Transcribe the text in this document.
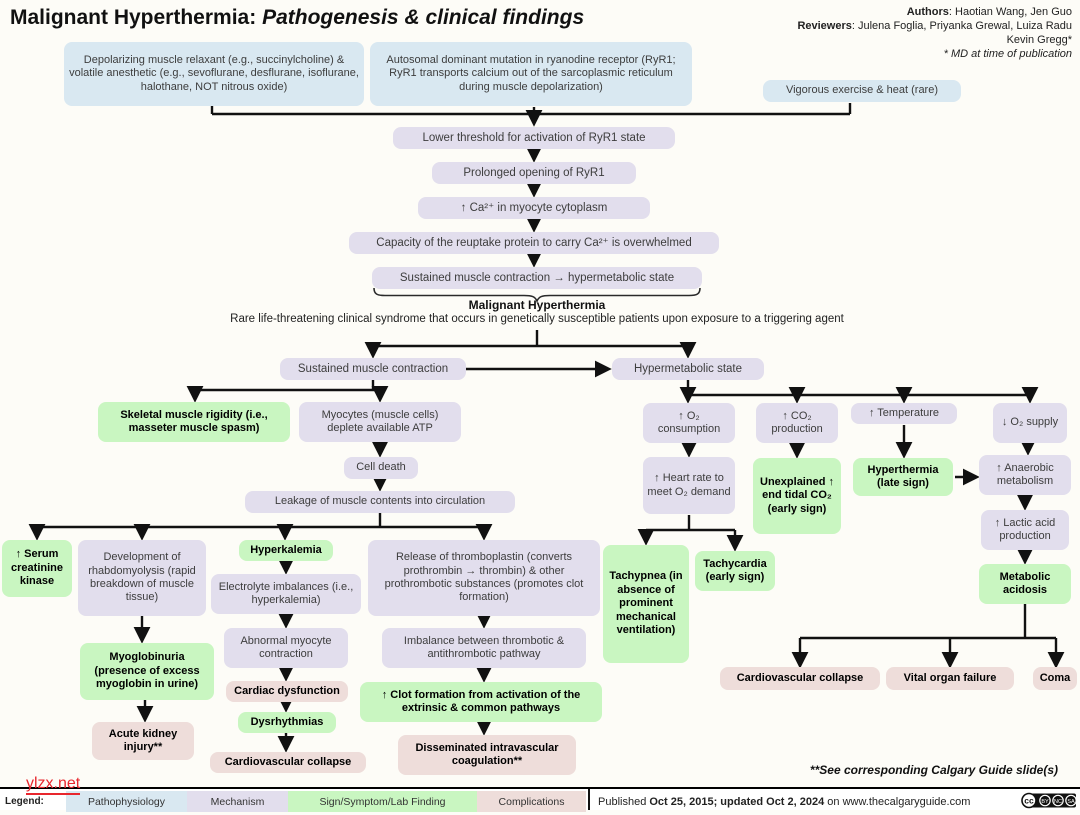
Malignant Hyperthermia: Pathogenesis & clinical findings	Authors: Haotian Wang, Jen Guo
Reviewers: Julena Foglia, Priyanka Grewal, Luiza Radu
Kevin Gregg*
* MD at time of publication
Depolarizing muscle relaxant (e.g., succinylcholine) & volatile anesthetic (e.g., sevoflurane, desflurane, isoflurane, halothane, NOT nitrous oxide)
Autosomal dominant mutation in ryanodine receptor (RyR1; RyR1 transports calcium out of the sarcoplasmic reticulum during muscle depolarization)	Vigorous exercise & heat (rare)
Lower threshold for activation of RyR1 state
Prolonged opening of RyR1
↑ Ca²⁺ in myocyte cytoplasm
Capacity of the reuptake protein to carry Ca²⁺ is overwhelmed
Sustained muscle contraction → hypermetabolic state
Malignant Hyperthermia
Rare life-threatening clinical syndrome that occurs in genetically susceptible patients upon exposure to a triggering agent
Sustained muscle contraction	Hypermetabolic state
Skeletal muscle rigidity (i.e., masseter muscle spasm)
Myocytes (muscle cells) deplete available ATP
Cell death
Leakage of muscle contents into circulation
↑ Serum creatinine kinase
Development of rhabdomyolysis (rapid breakdown of muscle tissue)
Hyperkalemia
Electrolyte imbalances (i.e., hyperkalemia)
Abnormal myocyte contraction
Myoglobinuria (presence of excess myoglobin in urine)
Acute kidney injury**
Cardiac dysfunction
Dysrhythmias
Cardiovascular collapse
Release of thromboplastin (converts prothrombin → thrombin) & other prothrombotic substances (promotes clot formation)
Imbalance between thrombotic & antithrombotic pathway
↑ Clot formation from activation of the extrinsic & common pathways
Disseminated intravascular coagulation**
↑ O₂ consumption
↑ CO₂ production
↑ Temperature
↓ O₂ supply
↑ Heart rate to meet O₂ demand
Unexplained ↑ end tidal CO₂ (early sign)
Hyperthermia (late sign)
↑ Anaerobic metabolism
↑ Lactic acid production
Metabolic acidosis
Tachypnea (in absence of prominent mechanical ventilation)
Tachycardia (early sign)
Cardiovascular collapse	Vital organ failure	Coma
**See corresponding Calgary Guide slide(s)
Legend:	Pathophysiology	Mechanism	Sign/Symptom/Lab Finding	Complications	Published Oct 25, 2015; updated Oct 2, 2024 on www.thecalgaryguide.com	cc BY NC SA
ylzx.net
